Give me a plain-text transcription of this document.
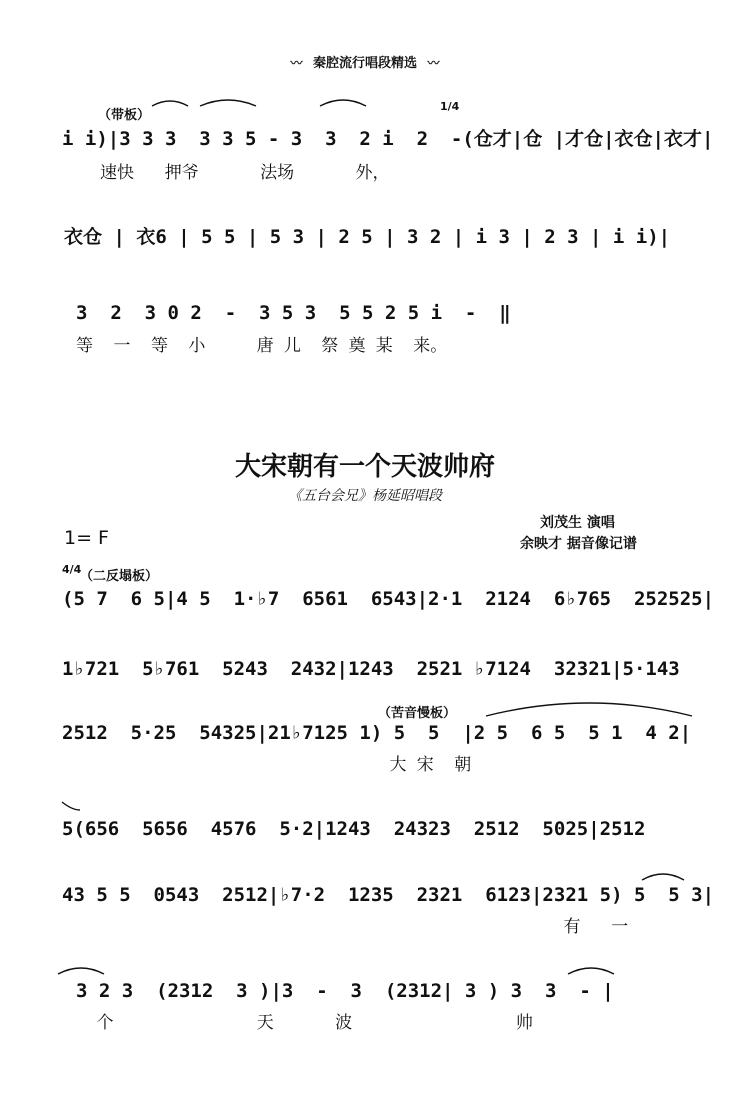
〰 秦腔流行唱段精选 〰
（带板）
1/4
i i)|3 3 3  3 3 5 - 3  3  2 i  2  -(仓才|仓 |才仓|衣仓|衣才|
速快   押爷      法场      外，
衣仓 | 衣6 | 5 5 | 5 3 | 2 5 | 3 2 | i 3 | 2 3 | i i)|
3  2  3 0 2  -  3 5 3  5 5 2 5 i  -  ‖
等  一  等  小     唐 儿  祭 奠 某  来。
大宋朝有一个天波帅府
《五台会兄》杨延昭唱段
刘茂生 演唱
余映才 据音像记谱
1= F
4/4
（二反塌板）
(5 7  6 5|4 5  1·♭7  6561  6543|2·1  2124  6♭765  252525|
1♭721  5♭761  5243  2432|1243  2521 ♭7124  32321|5·143
（苦音慢板）
2512  5·25  54325|21♭7125 1) 5  5  |2 5  6 5  5 1  4 2|
大 宋  朝
5(656  5656  4576  5·2|1243  24323  2512  5025|2512
43 5 5  0543  2512|♭7·2  1235  2321  6123|2321 5) 5  5 3|
有   一
3 2 3  (2312  3 )|3  -  3  (2312| 3 ) 3  3  - |
个              天      波                帅
